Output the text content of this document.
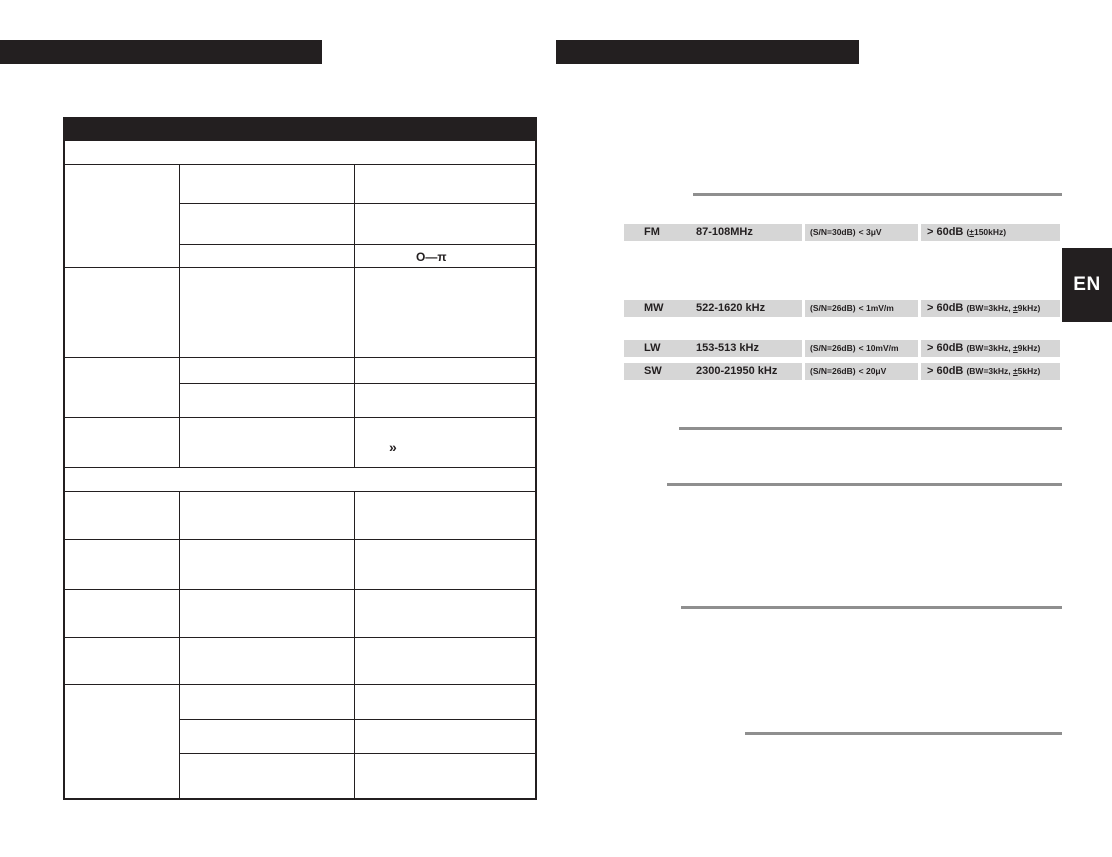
EN
O—π
»
FM	87-108MHz	(S/N=30dB) < 3μV	> 60dB (±150kHz)
MW	522-1620 kHz	(S/N=26dB) < 1mV/m	> 60dB (BW=3kHz, ±9kHz)
LW	153-513 kHz	(S/N=26dB) < 10mV/m	> 60dB (BW=3kHz, ±9kHz)
SW	2300-21950 kHz	(S/N=26dB) < 20μV	> 60dB (BW=3kHz, ±5kHz)
